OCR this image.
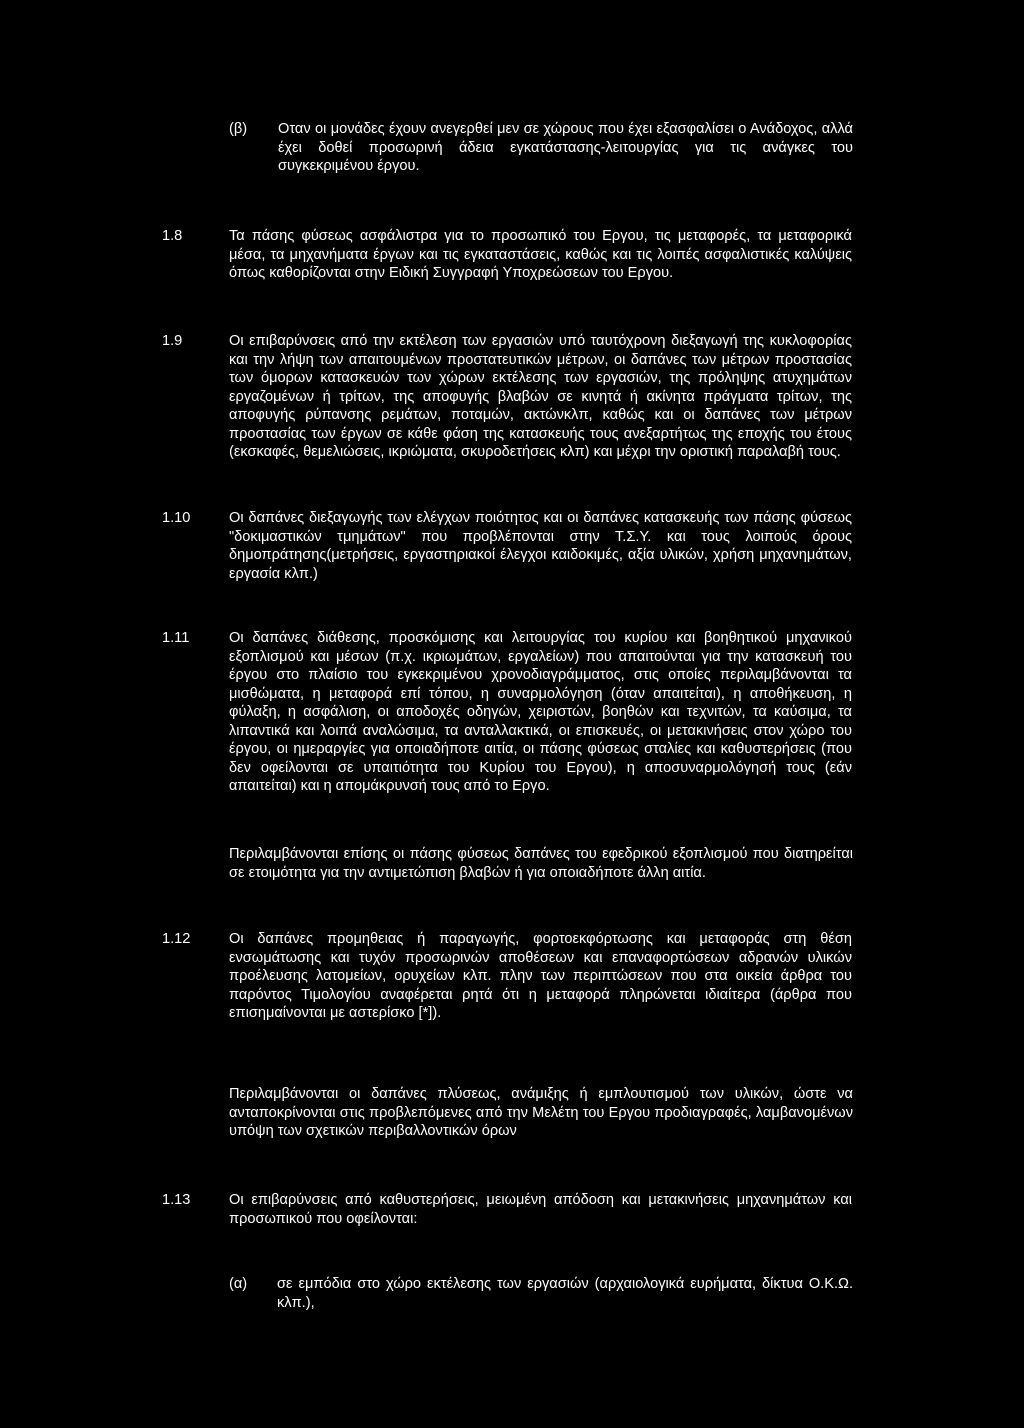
(β) Οταν οι μονάδες έχουν ανεγερθεί μεν σε χώρους που έχει εξασφαλίσει ο Ανάδοχος, αλλά έχει δοθεί προσωρινή άδεια εγκατάστασης-λειτουργίας για τις ανάγκες του συγκεκριμένου έργου.
1.8	Τα πάσης φύσεως ασφάλιστρα για το προσωπικό του Εργου, τις μεταφορές, τα μεταφορικά μέσα, τα μηχανήματα έργων και τις εγκαταστάσεις, καθώς και τις λοιπές ασφαλιστικές καλύψεις όπως καθορίζονται στην Ειδική Συγγραφή Υποχρεώσεων του Εργου.
1.9	Οι επιβαρύνσεις από την εκτέλεση των εργασιών υπό ταυτόχρονη διεξαγωγή της κυκλοφορίας και την λήψη των απαιτουμένων προστατευτικών μέτρων, οι δαπάνες των μέτρων προστασίας των όμορων κατασκευών των χώρων εκτέλεσης των εργασιών, της πρόληψης ατυχημάτων εργαζομένων ή τρίτων, της αποφυγής βλαβών σε κινητά ή ακίνητα πράγματα τρίτων, της αποφυγής ρύπανσης ρεμάτων, ποταμών, ακτώνκλπ, καθώς και οι δαπάνες των μέτρων προστασίας των έργων σε κάθε φάση της κατασκευής τους ανεξαρτήτως της εποχής του έτους (εκσκαφές, θεμελιώσεις, ικριώματα, σκυροδετήσεις κλπ) και μέχρι την οριστική παραλαβή τους.
1.10	Οι δαπάνες διεξαγωγής των ελέγχων ποιότητος και οι δαπάνες κατασκευής των πάσης φύσεως "δοκιμαστικών τμημάτων" που προβλέπονται στην Τ.Σ.Υ. και τους λοιπούς όρους δημοπράτησης(μετρήσεις, εργαστηριακοί έλεγχοι καιδοκιμές, αξία υλικών, χρήση μηχανημάτων, εργασία κλπ.)
1.11	Οι δαπάνες διάθεσης, προσκόμισης και λειτουργίας του κυρίου και βοηθητικού μηχανικού εξοπλισμού και μέσων (π.χ. ικριωμάτων, εργαλείων) που απαιτούνται για την κατασκευή του έργου στο πλαίσιο του εγκεκριμένου χρονοδιαγράμματος, στις οποίες περιλαμβάνονται τα μισθώματα, η μεταφορά επί τόπου, η συναρμολόγηση (όταν απαιτείται), η αποθήκευση, η φύλαξη, η ασφάλιση, οι αποδοχές οδηγών, χειριστών, βοηθών και τεχνιτών, τα καύσιμα, τα λιπαντικά και λοιπά αναλώσιμα, τα ανταλλακτικά, οι επισκευές, οι μετακινήσεις στον χώρο του έργου, οι ημεραργίες για οποιαδήποτε αιτία, οι πάσης φύσεως σταλίες και καθυστερήσεις (που δεν οφείλονται σε υπαιτιότητα του Κυρίου του Εργου), η αποσυναρμολόγησή τους (εάν απαιτείται) και η απομάκρυνσή τους από το Εργο.
Περιλαμβάνονται επίσης οι πάσης φύσεως δαπάνες του εφεδρικού εξοπλισμού που διατηρείται σε ετοιμότητα για την αντιμετώπιση βλαβών ή για οποιαδήποτε άλλη αιτία.
1.12	Οι δαπάνες προμηθειας ή παραγωγής, φορτοεκφόρτωσης και μεταφοράς στη θέση ενσωμάτωσης και τυχόν προσωρινών αποθέσεων και επαναφορτώσεων αδρανών υλικών προέλευσης λατομείων, ορυχείων κλπ. πλην των περιπτώσεων που στα οικεία άρθρα του παρόντος Τιμολογίου αναφέρεται ρητά ότι η μεταφορά πληρώνεται ιδιαίτερα (άρθρα που επισημαίνονται με αστερίσκο [*]).
Περιλαμβάνονται οι δαπάνες πλύσεως, ανάμιξης ή εμπλουτισμού των υλικών, ώστε να ανταποκρίνονται στις προβλεπόμενες από την Μελέτη του Εργου προδιαγραφές, λαμβανομένων υπόψη των σχετικών περιβαλλοντικών όρων
1.13	Οι επιβαρύνσεις από καθυστερήσεις, μειωμένη απόδοση και μετακινήσεις μηχανημάτων και προσωπικού που οφείλονται:
(α) σε εμπόδια στο χώρο εκτέλεσης των εργασιών (αρχαιολογικά ευρήματα, δίκτυα Ο.Κ.Ω. κλπ.),
